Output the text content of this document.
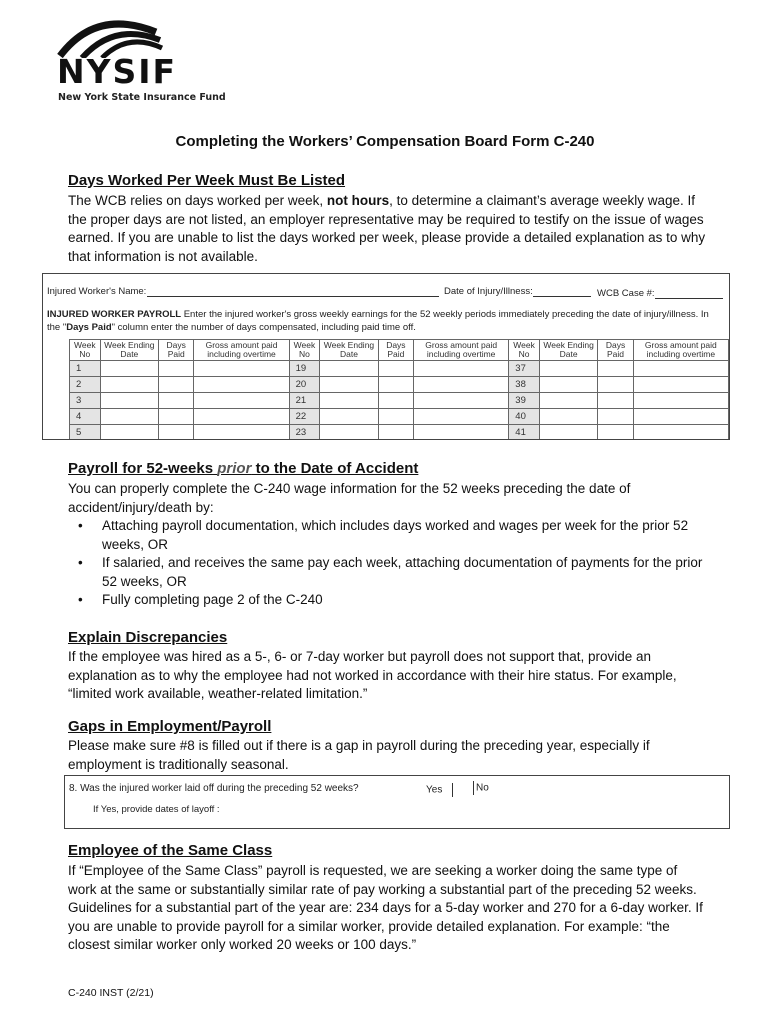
NYSIF
New York State Insurance Fund
Completing the Workers’ Compensation Board Form C-240
Days Worked Per Week Must Be Listed
The WCB relies on days worked per week, not hours, to determine a claimant’s average weekly wage. If the proper days are not listed, an employer representative may be required to testify on the issue of wages earned. If you are unable to list the days worked per week, please provide a detailed explanation as to why that information is not available.
Injured Worker's Name:	Date of Injury/Illness:	WCB Case #:
INJURED WORKER PAYROLL Enter the injured worker's gross weekly earnings for the 52 weekly periods immediately preceding the date of injury/illness. In the "Days Paid" column enter the number of days compensated, including paid time off.
Week No	Week Ending Date	Days Paid	Gross amount paid including overtime	Week No	Week Ending Date	Days Paid	Gross amount paid including overtime	Week No	Week Ending Date	Days Paid	Gross amount paid including overtime
1				19				37			
2				20				38			
3				21				39			
4				22				40			
5				23				41			
Payroll for 52-weeks prior to the Date of Accident
You can properly complete the C-240 wage information for the 52 weeks preceding the date of accident/injury/death by:
• Attaching payroll documentation, which includes days worked and wages per week for the prior 52 weeks, OR
• If salaried, and receives the same pay each week, attaching documentation of payments for the prior 52 weeks, OR
• Fully completing page 2 of the C-240
Explain Discrepancies
If the employee was hired as a 5-, 6- or 7-day worker but payroll does not support that, provide an explanation as to why the employee had not worked in accordance with their hire status. For example, “limited work available, weather-related limitation.”
Gaps in Employment/Payroll
Please make sure #8 is filled out if there is a gap in payroll during the preceding year, especially if employment is traditionally seasonal.
8. Was the injured worker laid off during the preceding 52 weeks?	Yes	No
If Yes, provide dates of layoff :
Employee of the Same Class
If “Employee of the Same Class” payroll is requested, we are seeking a worker doing the same type of work at the same or substantially similar rate of pay working a substantial part of the preceding 52 weeks. Guidelines for a substantial part of the year are: 234 days for a 5-day worker and 270 for a 6-day worker. If you are unable to provide payroll for a similar worker, provide detailed explanation. For example: “the closest similar worker only worked 20 weeks or 100 days.”
C-240 INST (2/21)
